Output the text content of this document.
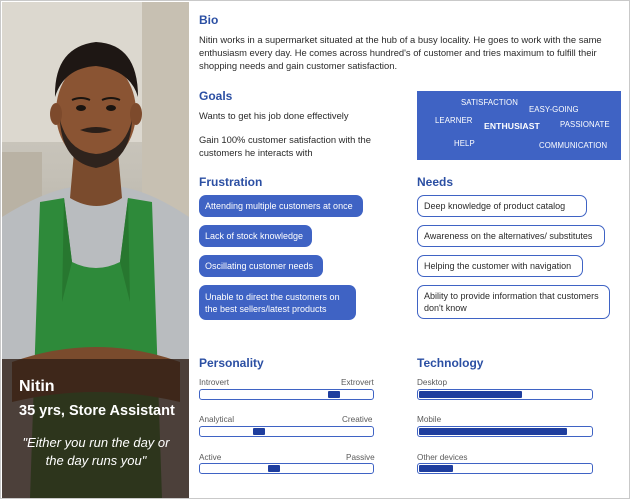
Nitin
35 yrs, Store Assistant
"Either you run the day or the day runs you"
Bio
Nitin works in a supermarket situated at the hub of a busy locality. He goes to work with the same enthusiasm every day. He comes across hundred's of customer and tries maximum to fulfill their shopping needs and gain customer satisfaction.
Goals
Wants to get his job done effectively
Gain 100% customer satisfaction with the customers he interacts with
SATISFACTION
EASY-GOING
LEARNER
ENTHUSIAST	PASSIONATE
HELP	COMMUNICATION
Frustration
Attending multiple customers at once
Lack of stock knowledge
Oscillating customer needs
Unable to direct the customers on the best sellers/latest products
Needs
Deep knowledge of product catalog
Awareness on the alternatives/ substitutes
Helping the customer with navigation
Ability to provide information that customers don't know
Personality
Introvert	Extrovert
Analytical	Creative
Active	Passive
Technology
Desktop
Mobile
Other devices
